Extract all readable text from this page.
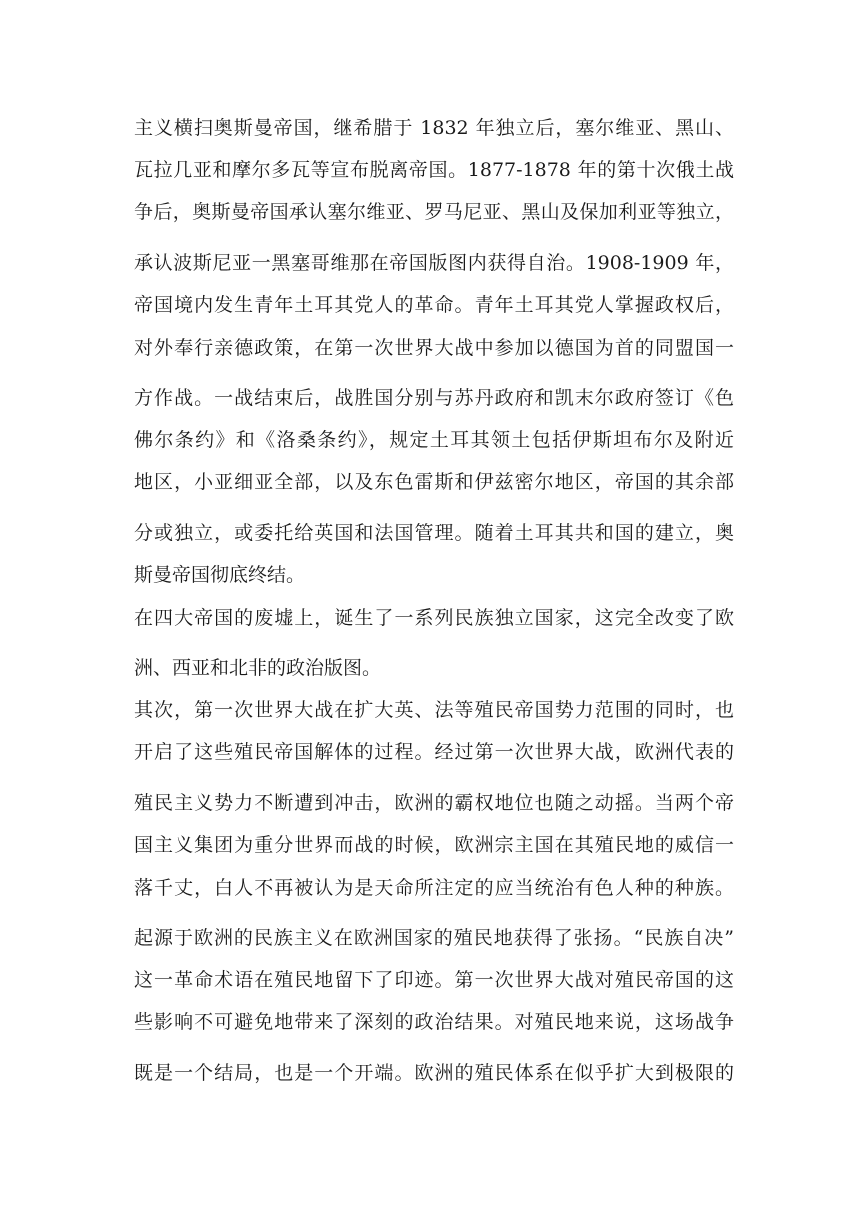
主义横扫奥斯曼帝国，继希腊于 1832 年独立后，塞尔维亚、黑山、
瓦拉几亚和摩尔多瓦等宣布脱离帝国。1877-1878 年的第十次俄土战
争后，奥斯曼帝国承认塞尔维亚、罗马尼亚、黑山及保加利亚等独立，
承认波斯尼亚一黑塞哥维那在帝国版图内获得自治。1908-1909 年，
帝国境内发生青年土耳其党人的革命。青年土耳其党人掌握政权后，
对外奉行亲德政策，在第一次世界大战中参加以德国为首的同盟国一
方作战。一战结束后，战胜国分别与苏丹政府和凯末尔政府签订《色
佛尔条约》和《洛桑条约》，规定土耳其领土包括伊斯坦布尔及附近
地区，小亚细亚全部，以及东色雷斯和伊兹密尔地区，帝国的其余部
分或独立，或委托给英国和法国管理。随着土耳其共和国的建立，奥
斯曼帝国彻底终结。
在四大帝国的废墟上，诞生了一系列民族独立国家，这完全改变了欧
洲、西亚和北非的政治版图。
其次，第一次世界大战在扩大英、法等殖民帝国势力范围的同时，也
开启了这些殖民帝国解体的过程。经过第一次世界大战，欧洲代表的
殖民主义势力不断遭到冲击，欧洲的霸权地位也随之动摇。当两个帝
国主义集团为重分世界而战的时候，欧洲宗主国在其殖民地的威信一
落千丈，白人不再被认为是天命所注定的应当统治有色人种的种族。
起源于欧洲的民族主义在欧洲国家的殖民地获得了张扬。“民族自决”
这一革命术语在殖民地留下了印迹。第一次世界大战对殖民帝国的这
些影响不可避免地带来了深刻的政治结果。对殖民地来说，这场战争
既是一个结局，也是一个开端。欧洲的殖民体系在似乎扩大到极限的
